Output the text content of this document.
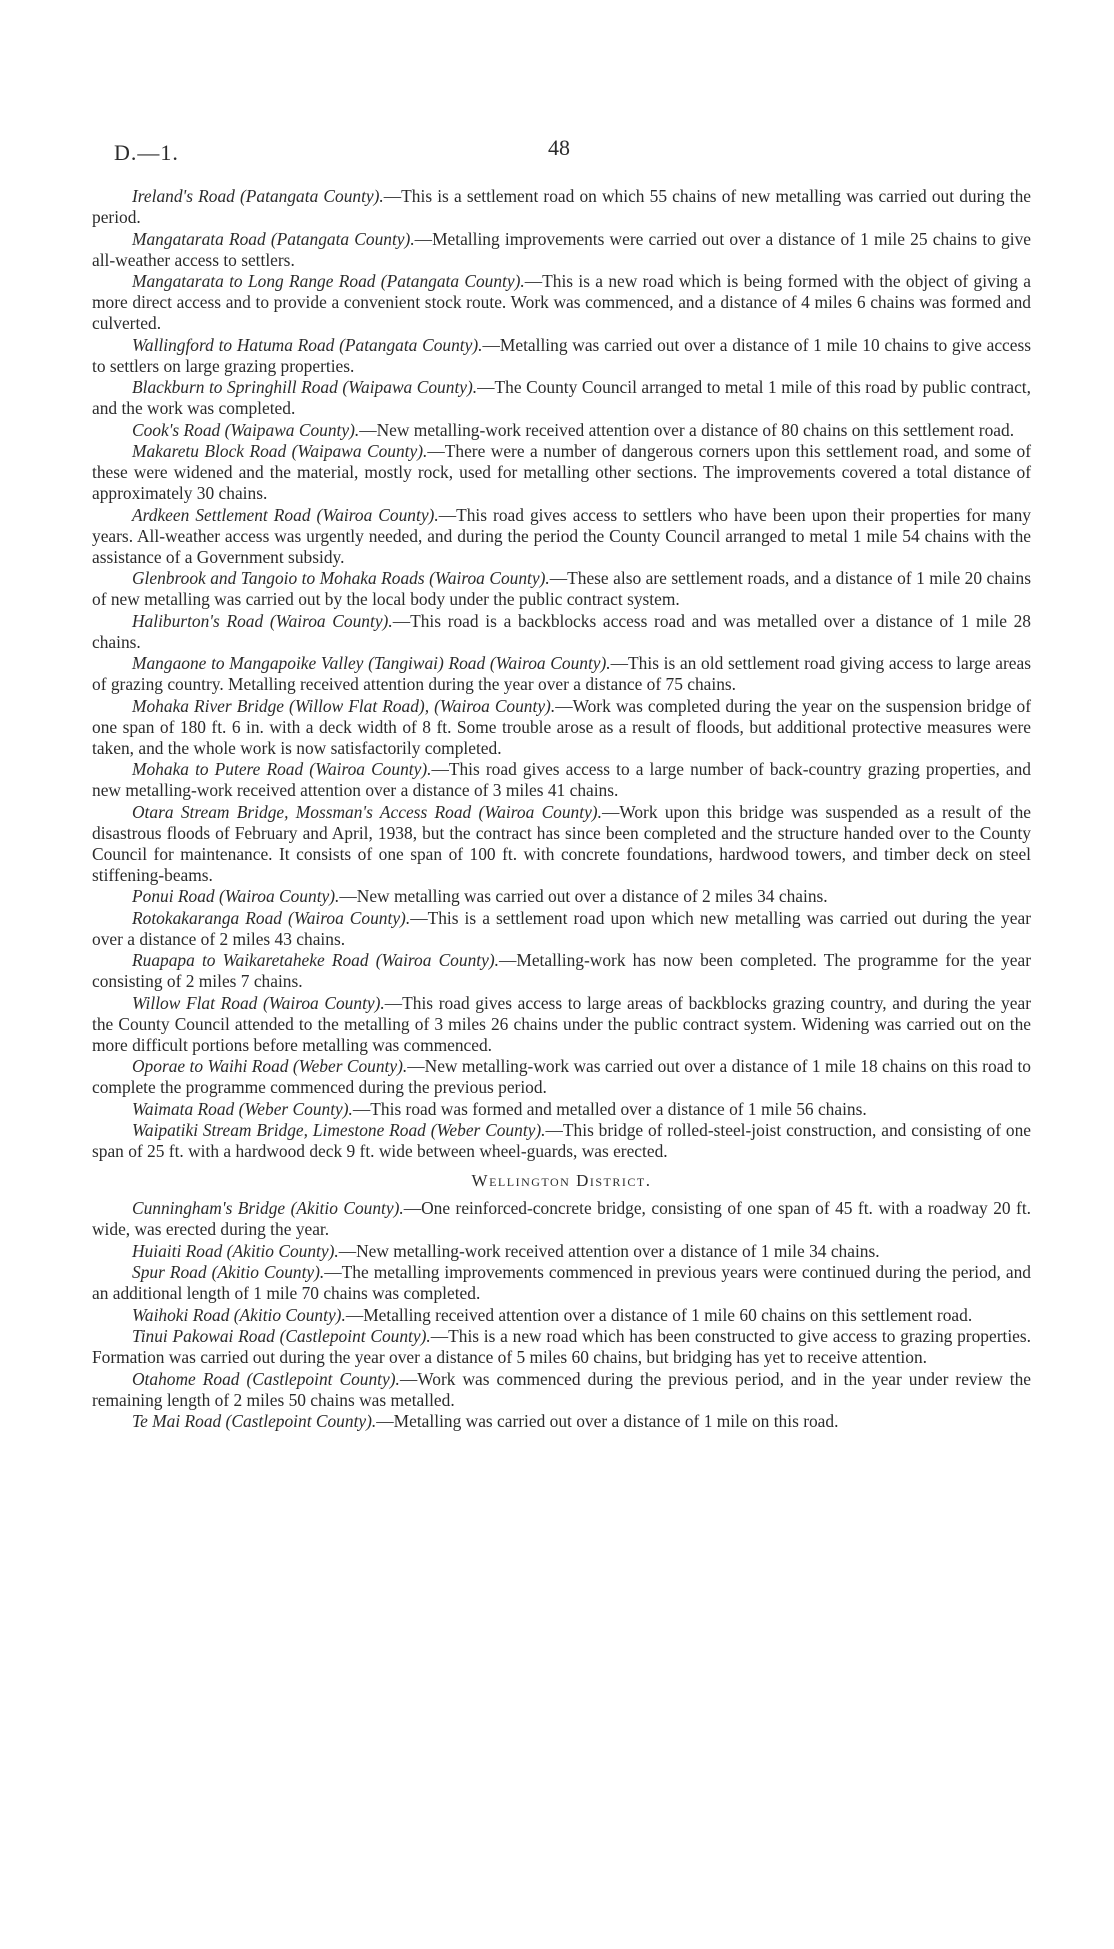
D.—1.	48

Ireland's Road (Patangata County).—This is a settlement road on which 55 chains of new metalling was carried out during the period.

Mangatarata Road (Patangata County).—Metalling improvements were carried out over a distance of 1 mile 25 chains to give all-weather access to settlers.

Mangatarata to Long Range Road (Patangata County).—This is a new road which is being formed with the object of giving a more direct access and to provide a convenient stock route. Work was commenced, and a distance of 4 miles 6 chains was formed and culverted.

Wallingford to Hatuma Road (Patangata County).—Metalling was carried out over a distance of 1 mile 10 chains to give access to settlers on large grazing properties.

Blackburn to Springhill Road (Waipawa County).—The County Council arranged to metal 1 mile of this road by public contract, and the work was completed.

Cook's Road (Waipawa County).—New metalling-work received attention over a distance of 80 chains on this settlement road.

Makaretu Block Road (Waipawa County).—There were a number of dangerous corners upon this settlement road, and some of these were widened and the material, mostly rock, used for metalling other sections. The improvements covered a total distance of approximately 30 chains.

Ardkeen Settlement Road (Wairoa County).—This road gives access to settlers who have been upon their properties for many years. All-weather access was urgently needed, and during the period the County Council arranged to metal 1 mile 54 chains with the assistance of a Government subsidy.

Glenbrook and Tangoio to Mohaka Roads (Wairoa County).—These also are settlement roads, and a distance of 1 mile 20 chains of new metalling was carried out by the local body under the public contract system.

Haliburton's Road (Wairoa County).—This road is a backblocks access road and was metalled over a distance of 1 mile 28 chains.

Mangaone to Mangapoike Valley (Tangiwai) Road (Wairoa County).—This is an old settlement road giving access to large areas of grazing country. Metalling received attention during the year over a distance of 75 chains.

Mohaka River Bridge (Willow Flat Road), (Wairoa County).—Work was completed during the year on the suspension bridge of one span of 180 ft. 6 in. with a deck width of 8 ft. Some trouble arose as a result of floods, but additional protective measures were taken, and the whole work is now satisfactorily completed.

Mohaka to Putere Road (Wairoa County).—This road gives access to a large number of back-country grazing properties, and new metalling-work received attention over a distance of 3 miles 41 chains.

Otara Stream Bridge, Mossman's Access Road (Wairoa County).—Work upon this bridge was suspended as a result of the disastrous floods of February and April, 1938, but the contract has since been completed and the structure handed over to the County Council for maintenance. It consists of one span of 100 ft. with concrete foundations, hardwood towers, and timber deck on steel stiffening-beams.

Ponui Road (Wairoa County).—New metalling was carried out over a distance of 2 miles 34 chains.

Rotokakaranga Road (Wairoa County).—This is a settlement road upon which new metalling was carried out during the year over a distance of 2 miles 43 chains.

Ruapapa to Waikaretaheke Road (Wairoa County).—Metalling-work has now been completed. The programme for the year consisting of 2 miles 7 chains.

Willow Flat Road (Wairoa County).—This road gives access to large areas of backblocks grazing country, and during the year the County Council attended to the metalling of 3 miles 26 chains under the public contract system. Widening was carried out on the more difficult portions before metalling was commenced.

Oporae to Waihi Road (Weber County).—New metalling-work was carried out over a distance of 1 mile 18 chains on this road to complete the programme commenced during the previous period.

Waimata Road (Weber County).—This road was formed and metalled over a distance of 1 mile 56 chains.

Waipatiki Stream Bridge, Limestone Road (Weber County).—This bridge of rolled-steel-joist construction, and consisting of one span of 25 ft. with a hardwood deck 9 ft. wide between wheel-guards, was erected.

Wellington District.

Cunningham's Bridge (Akitio County).—One reinforced-concrete bridge, consisting of one span of 45 ft. with a roadway 20 ft. wide, was erected during the year.

Huiaiti Road (Akitio County).—New metalling-work received attention over a distance of 1 mile 34 chains.

Spur Road (Akitio County).—The metalling improvements commenced in previous years were continued during the period, and an additional length of 1 mile 70 chains was completed.

Waihoki Road (Akitio County).—Metalling received attention over a distance of 1 mile 60 chains on this settlement road.

Tinui Pakowai Road (Castlepoint County).—This is a new road which has been constructed to give access to grazing properties. Formation was carried out during the year over a distance of 5 miles 60 chains, but bridging has yet to receive attention.

Otahome Road (Castlepoint County).—Work was commenced during the previous period, and in the year under review the remaining length of 2 miles 50 chains was metalled.

Te Mai Road (Castlepoint County).—Metalling was carried out over a distance of 1 mile on this road.
